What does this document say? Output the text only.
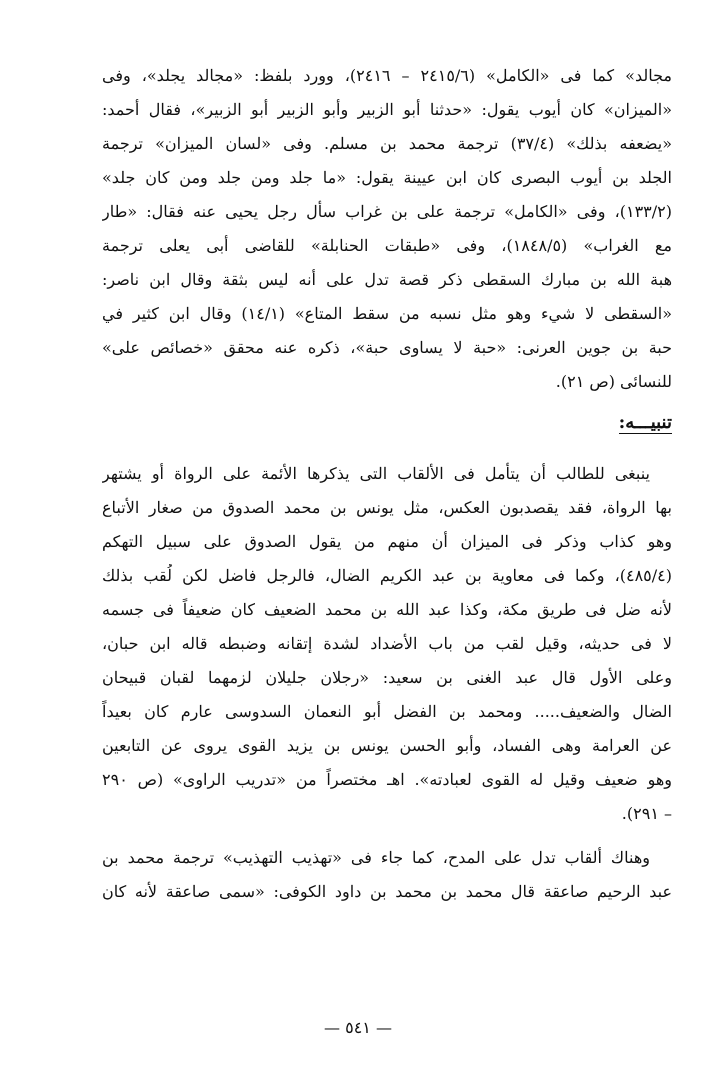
مجالد» کما فی «الکامل» (۲٤١٥/٦ – ٢٤١٦)، وورد بلفظ: «مجالد يجلد»، وفى
«الميزان» كان أيوب يقول: «حدثنا أبو الزبير وأبو الزبير أبو الزبير»، فقال أحمد:
«يضعفه بذلك» (٣٧/٤) ترجمة محمد بن مسلم. وفى «لسان الميزان» ترجمة
الجلد بن أيوب البصرى كان ابن عيينة يقول: «ما جلد ومن جلد ومن كان جلد»
(١٣٣/٢)، وفى «الكامل» ترجمة على بن غراب سأل رجل يحيى عنه فقال: «طار
مع الغراب» (١٨٤٨/٥)، وفى «طبقات الحنابلة» للقاضى أبى يعلى ترجمة
هبة الله بن مبارك السقطى ذكر قصة تدل على أنه ليس بثقة وقال ابن ناصر:
«السقطى لا شيء وهو مثل نسبه من سقط المتاع» (١٤/١) وقال ابن كثير في
حبة بن جوين العرنى: «حبة لا يساوى حبة»، ذكره عنه محقق «خصائص على»
للنسائى (ص ٢١).
تنبيـــه:
ينبغى للطالب أن يتأمل فى الألقاب التى يذكرها الأئمة على الرواة أو يشتهر
بها الرواة، فقد يقصدبون العكس، مثل يونس بن محمد الصدوق من صغار الأتباع
وهو كذاب وذكر فى الميزان أن منهم من يقول الصدوق على سبيل التهكم
(٤٨٥/٤)، وكما فى معاوية بن عبد الكريم الضال، فالرجل فاضل لكن لُقب بذلك
لأنه ضل فى طريق مكة، وكذا عبد الله بن محمد الضعيف كان ضعيفاً فى جسمه
لا فى حديثه، وقيل لقب من باب الأضداد لشدة إتقانه وضبطه قاله ابن حبان،
وعلى الأول قال عبد الغنى بن سعيد: «رجلان جليلان لزمهما لقبان قبيحان
الضال والضعيف..... ومحمد بن الفضل أبو النعمان السدوسى عارم كان بعيداً
عن العرامة وهى الفساد، وأبو الحسن يونس بن يزيد القوى يروى عن التابعين
وهو ضعيف وقيل له القوى لعبادته». اهـ مختصراً من «تدريب الراوى» (ص ٢٩٠
– ٢٩١).
وهناك ألقاب تدل على المدح، كما جاء فى «تهذيب التهذيب» ترجمة محمد بن
عبد الرحيم صاعقة قال محمد بن محمد بن داود الكوفى: «سمى صاعقة لأنه كان
— ٥٤١ —
